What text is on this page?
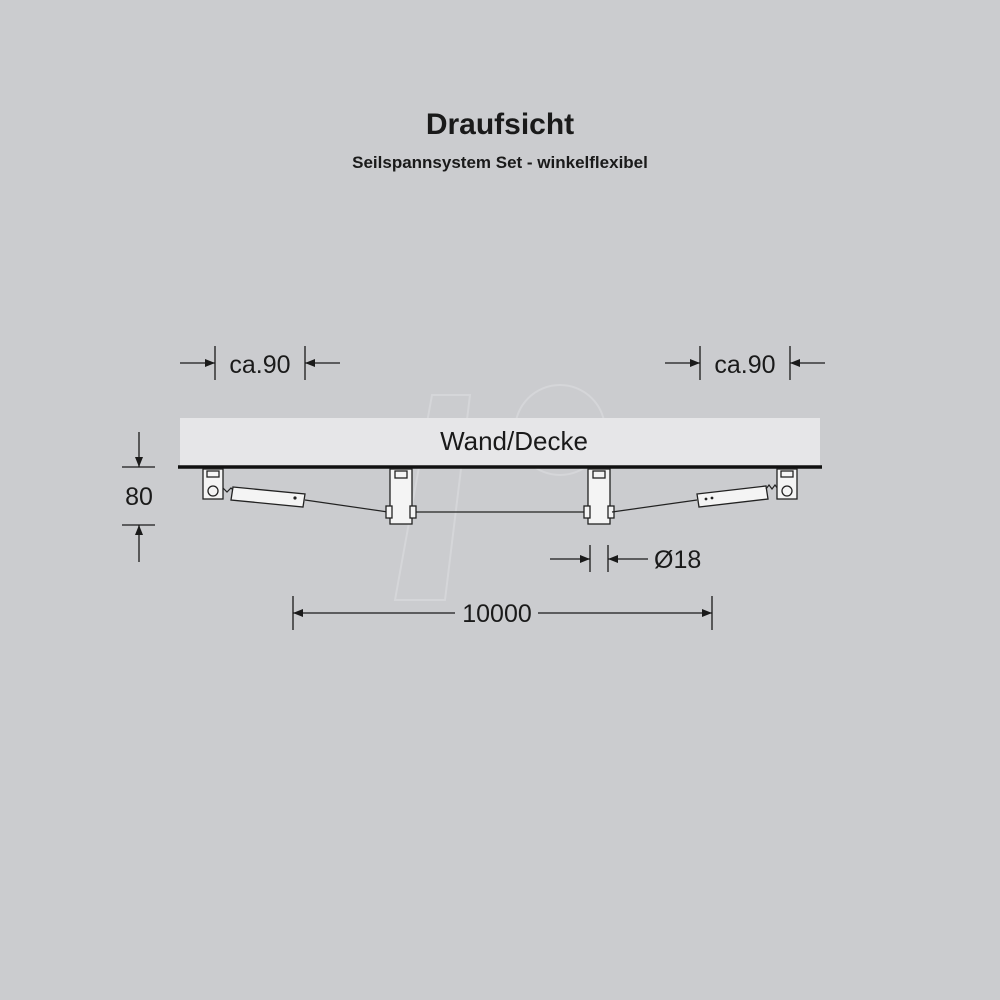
Draufsicht
Seilspannsystem Set - winkelflexibel
Wand/Decke
ca.90	ca.90
80
Ø18
10000
